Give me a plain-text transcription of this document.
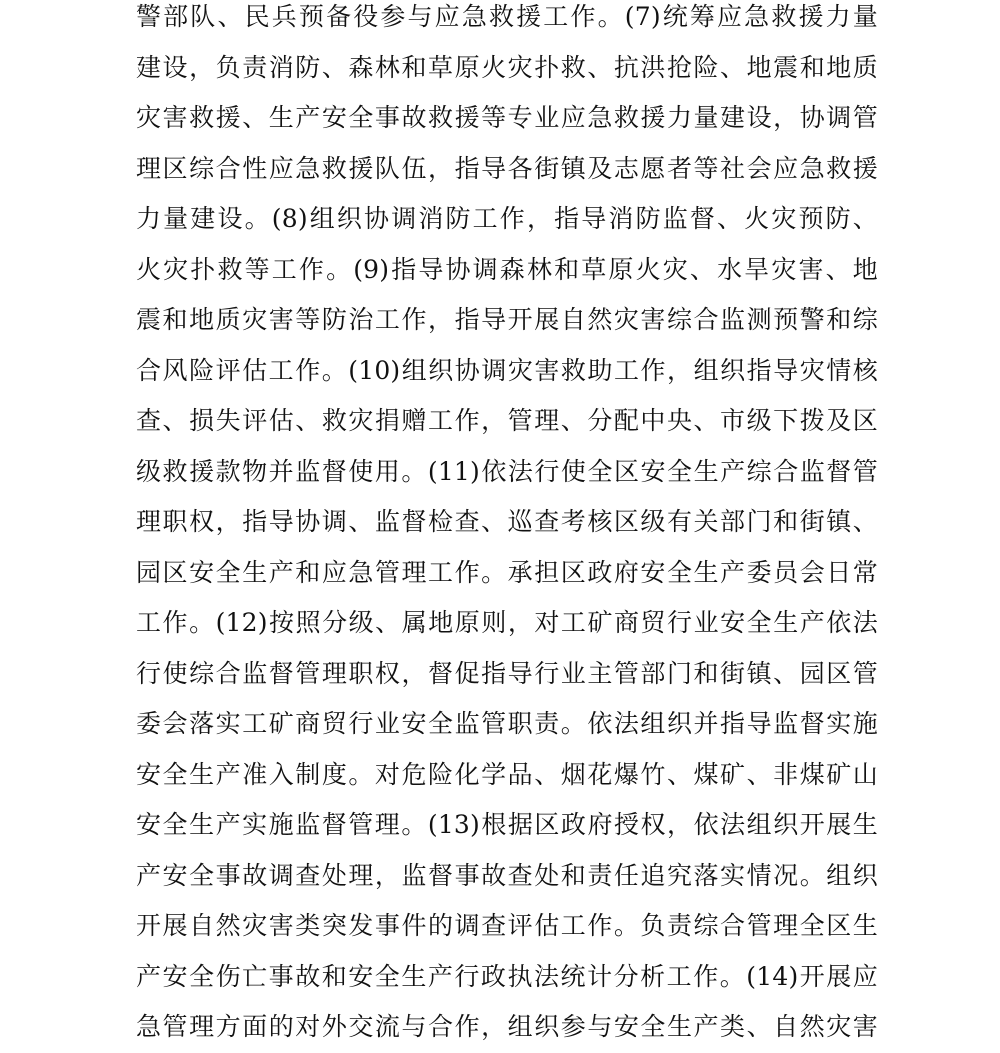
警部队、民兵预备役参与应急救援工作。(7)统筹应急救援力量
建设，负责消防、森林和草原火灾扑救、抗洪抢险、地震和地质
灾害救援、生产安全事故救援等专业应急救援力量建设，协调管
理区综合性应急救援队伍，指导各街镇及志愿者等社会应急救援
力量建设。(8)组织协调消防工作，指导消防监督、火灾预防、
火灾扑救等工作。(9)指导协调森林和草原火灾、水旱灾害、地
震和地质灾害等防治工作，指导开展自然灾害综合监测预警和综
合风险评估工作。(10)组织协调灾害救助工作，组织指导灾情核
查、损失评估、救灾捐赠工作，管理、分配中央、市级下拨及区
级救援款物并监督使用。(11)依法行使全区安全生产综合监督管
理职权，指导协调、监督检查、巡查考核区级有关部门和街镇、
园区安全生产和应急管理工作。承担区政府安全生产委员会日常
工作。(12)按照分级、属地原则，对工矿商贸行业安全生产依法
行使综合监督管理职权，督促指导行业主管部门和街镇、园区管
委会落实工矿商贸行业安全监管职责。依法组织并指导监督实施
安全生产准入制度。对危险化学品、烟花爆竹、煤矿、非煤矿山
安全生产实施监督管理。(13)根据区政府授权，依法组织开展生
产安全事故调查处理，监督事故查处和责任追究落实情况。组织
开展自然灾害类突发事件的调查评估工作。负责综合管理全区生
产安全伤亡事故和安全生产行政执法统计分析工作。(14)开展应
急管理方面的对外交流与合作，组织参与安全生产类、自然灾害
